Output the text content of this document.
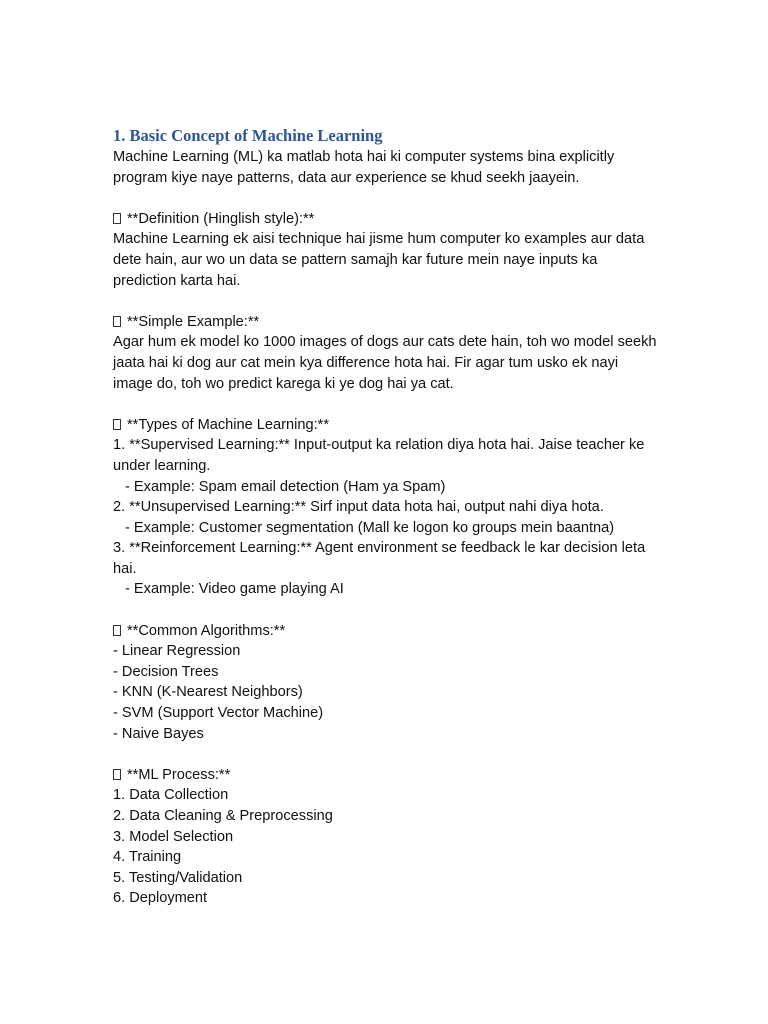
1. Basic Concept of Machine Learning

Machine Learning (ML) ka matlab hota hai ki computer systems bina explicitly program kiye naye patterns, data aur experience se khud seekh jaayein.

**Definition (Hinglish style):**

Machine Learning ek aisi technique hai jisme hum computer ko examples aur data dete hain, aur wo un data se pattern samajh kar future mein naye inputs ka prediction karta hai.

**Simple Example:**

Agar hum ek model ko 1000 images of dogs aur cats dete hain, toh wo model seekh jaata hai ki dog aur cat mein kya difference hota hai. Fir agar tum usko ek nayi image do, toh wo predict karega ki ye dog hai ya cat.

**Types of Machine Learning:**

1. **Supervised Learning:** Input-output ka relation diya hota hai. Jaise teacher ke under learning.

- Example: Spam email detection (Ham ya Spam)

2. **Unsupervised Learning:** Sirf input data hota hai, output nahi diya hota.

- Example: Customer segmentation (Mall ke logon ko groups mein baantna)

3. **Reinforcement Learning:** Agent environment se feedback le kar decision leta hai.

- Example: Video game playing AI

**Common Algorithms:**

- Linear Regression

- Decision Trees

- KNN (K-Nearest Neighbors)

- SVM (Support Vector Machine)

- Naive Bayes

**ML Process:**

1. Data Collection

2. Data Cleaning & Preprocessing

3. Model Selection

4. Training

5. Testing/Validation

6. Deployment
